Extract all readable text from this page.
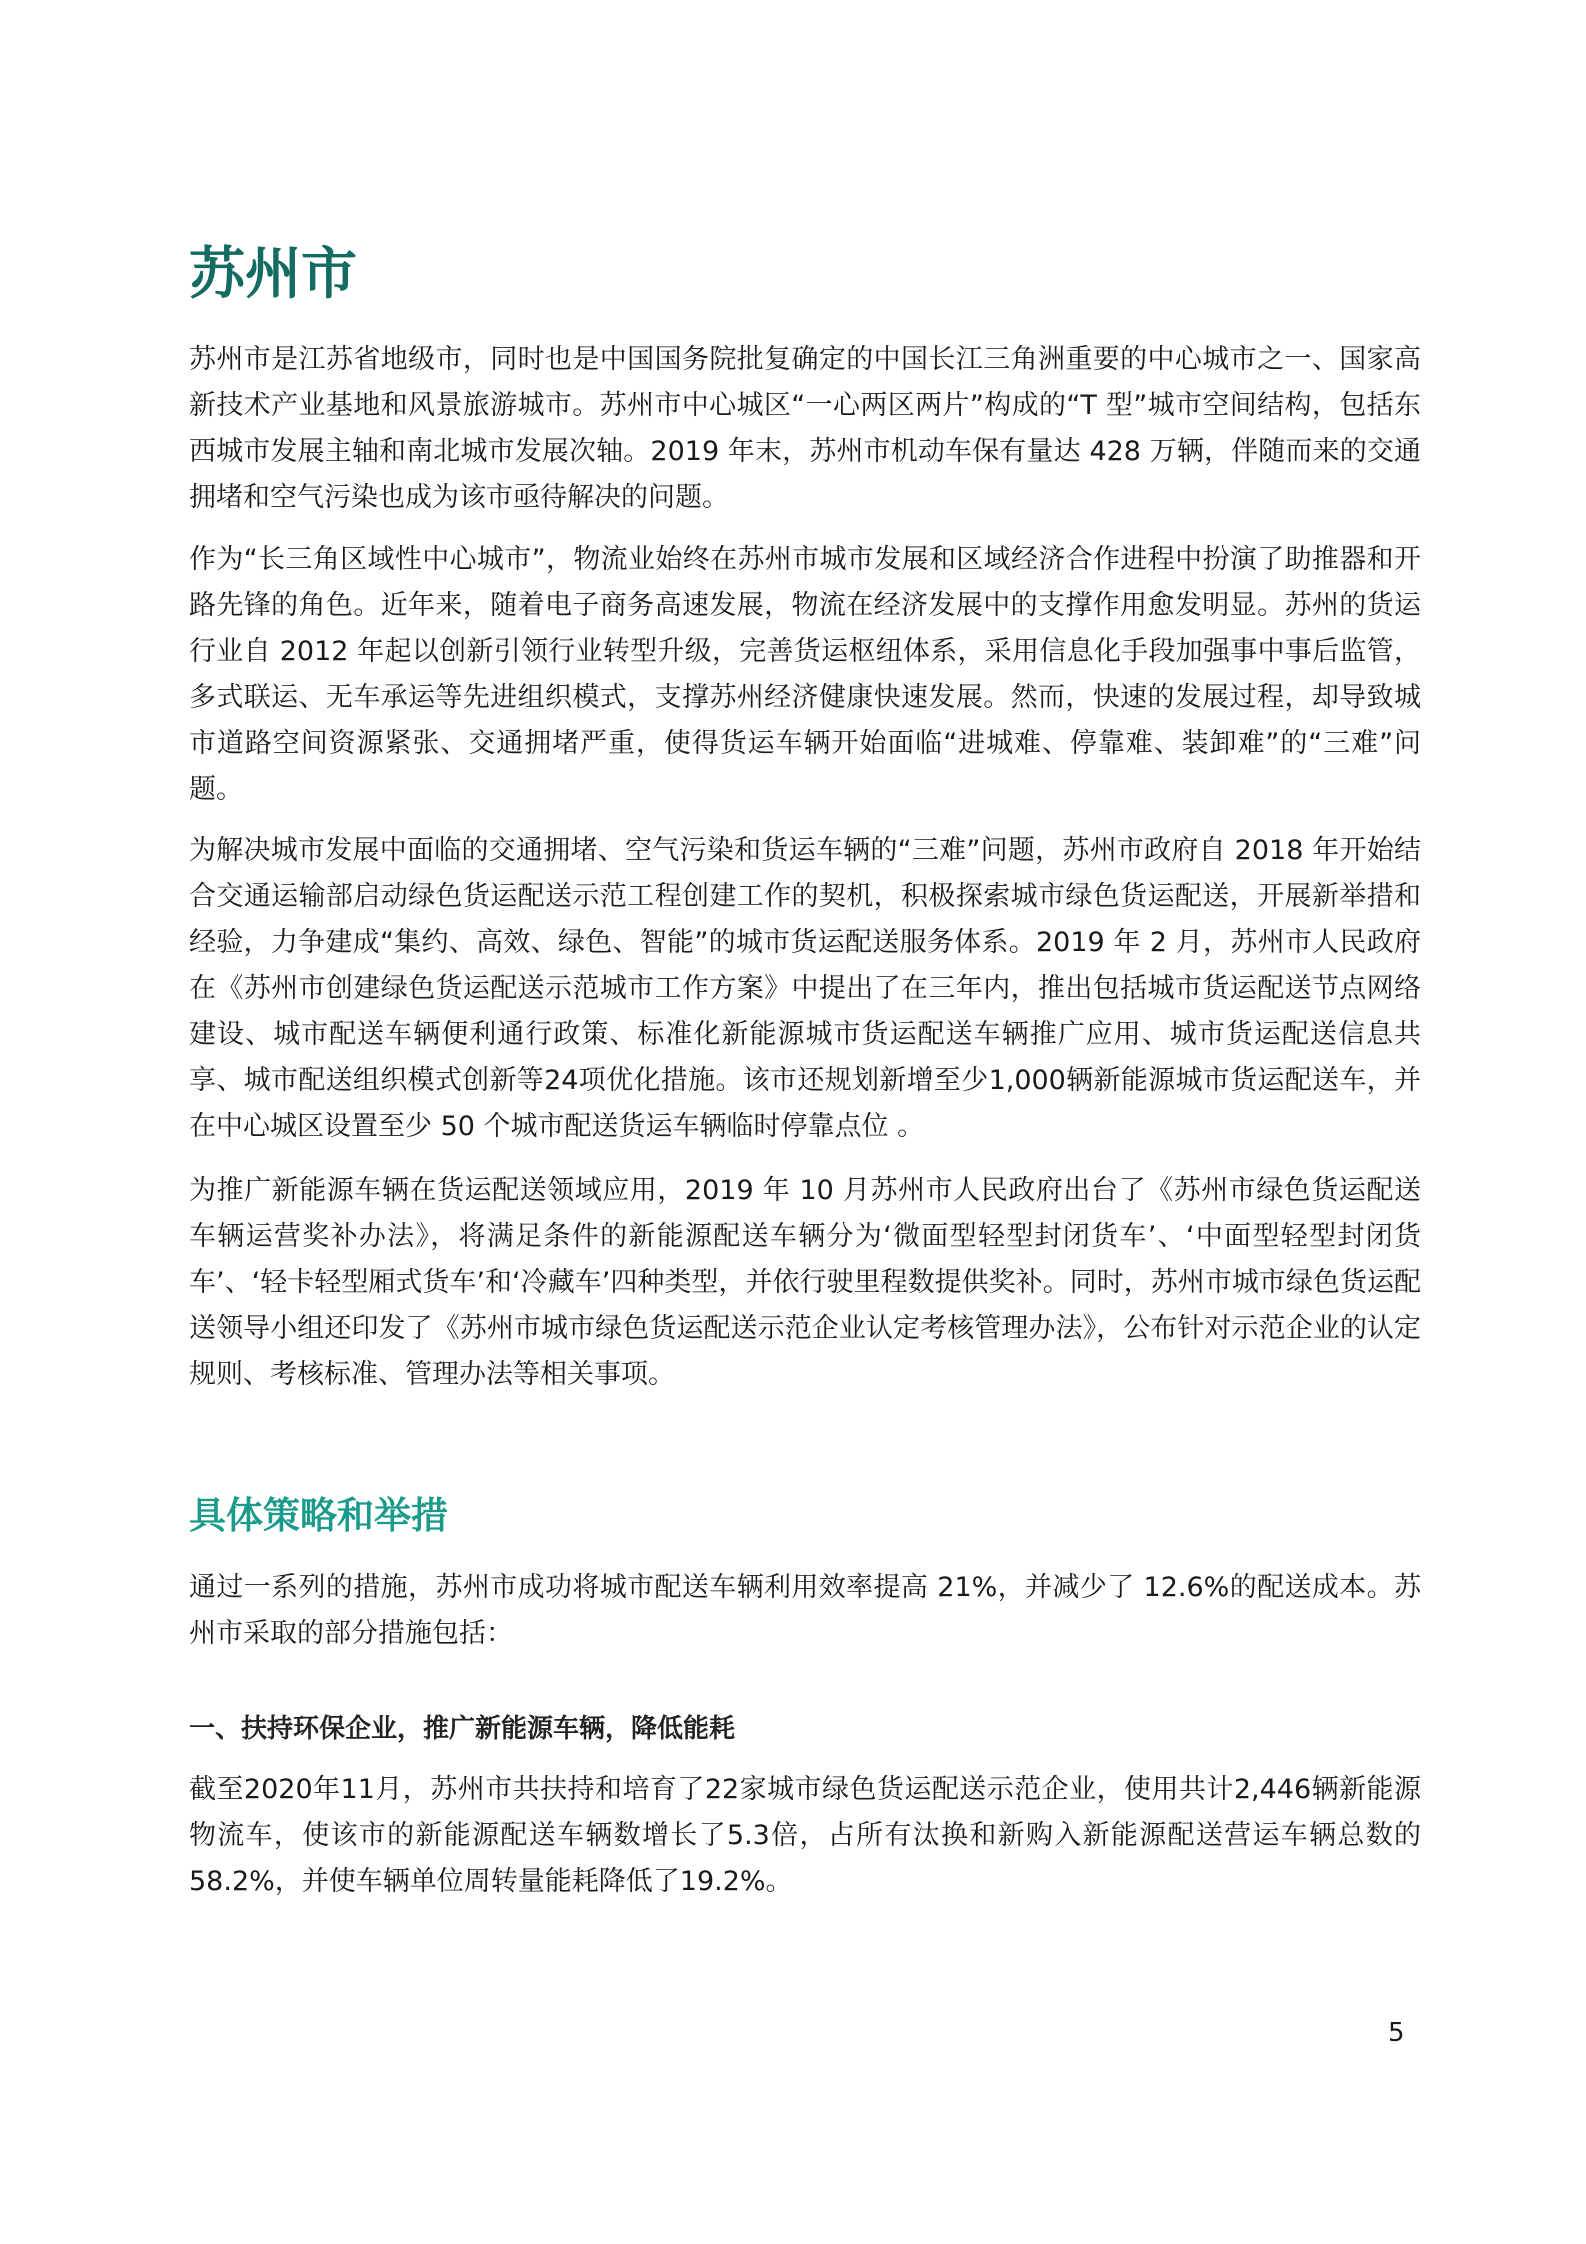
苏州市

苏州市是江苏省地级市，同时也是中国国务院批复确定的中国长江三角洲重要的中心城市之一、国家高新技术产业基地和风景旅游城市。苏州市中心城区“一心两区两片”构成的“T 型”城市空间结构，包括东西城市发展主轴和南北城市发展次轴。2019 年末，苏州市机动车保有量达 428 万辆，伴随而来的交通拥堵和空气污染也成为该市亟待解决的问题。

作为“长三角区域性中心城市”，物流业始终在苏州市城市发展和区域经济合作进程中扮演了助推器和开路先锋的角色。近年来，随着电子商务高速发展，物流在经济发展中的支撑作用愈发明显。苏州的货运行业自 2012 年起以创新引领行业转型升级，完善货运枢纽体系，采用信息化手段加强事中事后监管，多式联运、无车承运等先进组织模式，支撑苏州经济健康快速发展。然而，快速的发展过程，却导致城市道路空间资源紧张、交通拥堵严重，使得货运车辆开始面临“进城难、停靠难、装卸难”的“三难”问题。

为解决城市发展中面临的交通拥堵、空气污染和货运车辆的“三难”问题，苏州市政府自 2018 年开始结合交通运输部启动绿色货运配送示范工程创建工作的契机，积极探索城市绿色货运配送，开展新举措和经验，力争建成“集约、高效、绿色、智能”的城市货运配送服务体系。2019 年 2 月，苏州市人民政府在《苏州市创建绿色货运配送示范城市工作方案》中提出了在三年内，推出包括城市货运配送节点网络建设、城市配送车辆便利通行政策、标准化新能源城市货运配送车辆推广应用、城市货运配送信息共享、城市配送组织模式创新等24项优化措施。该市还规划新增至少1,000辆新能源城市货运配送车，并在中心城区设置至少 50 个城市配送货运车辆临时停靠点位 。

为推广新能源车辆在货运配送领域应用，2019 年 10 月苏州市人民政府出台了《苏州市绿色货运配送车辆运营奖补办法》，将满足条件的新能源配送车辆分为‘微面型轻型封闭货车’、‘中面型轻型封闭货车’、‘轻卡轻型厢式货车’和‘冷藏车’四种类型，并依行驶里程数提供奖补。同时，苏州市城市绿色货运配送领导小组还印发了《苏州市城市绿色货运配送示范企业认定考核管理办法》，公布针对示范企业的认定规则、考核标准、管理办法等相关事项。

具体策略和举措

通过一系列的措施，苏州市成功将城市配送车辆利用效率提高 21%，并减少了 12.6%的配送成本。苏州市采取的部分措施包括：

一、扶持环保企业，推广新能源车辆，降低能耗

截至2020年11月，苏州市共扶持和培育了22家城市绿色货运配送示范企业，使用共计2,446辆新能源物流车，使该市的新能源配送车辆数增长了5.3倍，占所有汰换和新购入新能源配送营运车辆总数的58.2%，并使车辆单位周转量能耗降低了19.2%。

5
